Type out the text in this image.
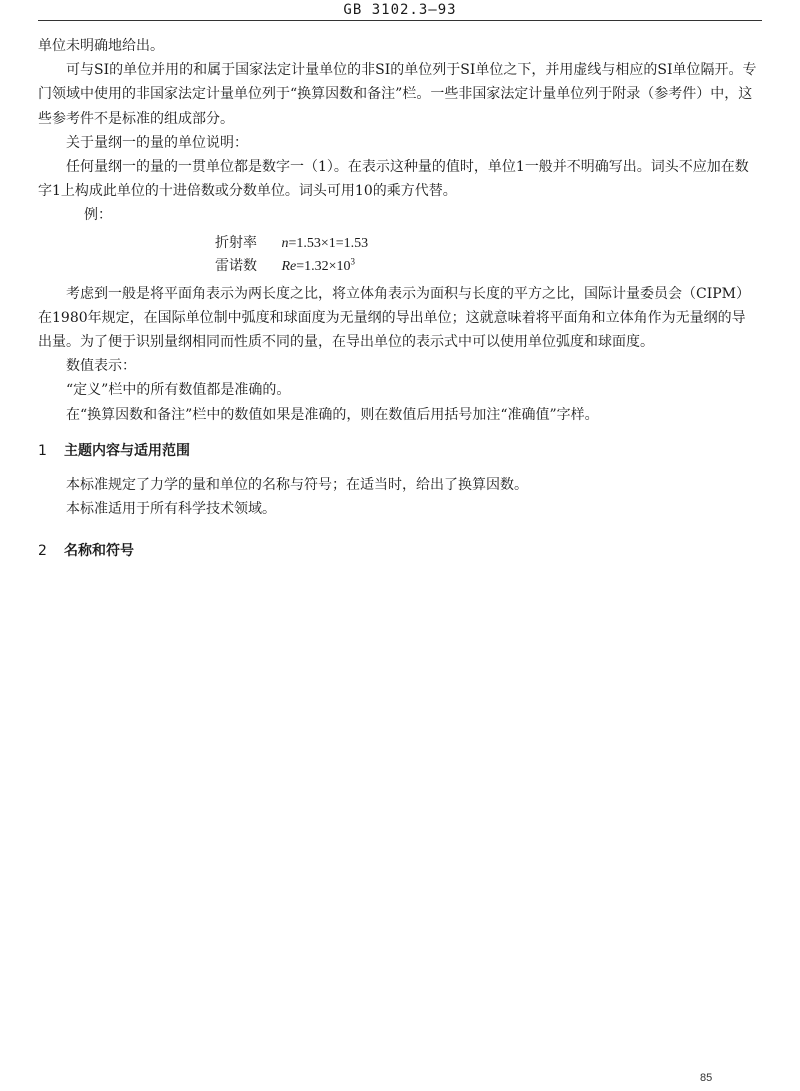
GB 3102.3—93

单位未明确地给出。

可与SI的单位并用的和属于国家法定计量单位的非SI的单位列于SI单位之下，并用虚线与相应的SI单位隔开。专门领域中使用的非国家法定计量单位列于“换算因数和备注”栏。一些非国家法定计量单位列于附录（参考件）中，这些参考件不是标准的组成部分。

关于量纲一的量的单位说明：

任何量纲一的量的一贯单位都是数字一（1）。在表示这种量的值时，单位1一般并不明确写出。词头不应加在数字1上构成此单位的十进倍数或分数单位。词头可用10的乘方代替。

例：

折射率 n=1.53×1=1.53
雷诺数 $Re=1.32\times 10^3$

考虑到一般是将平面角表示为两长度之比，将立体角表示为面积与长度的平方之比，国际计量委员会（CIPM）在1980年规定，在国际单位制中弧度和球面度为无量纲的导出单位；这就意味着将平面角和立体角作为无量纲的导出量。为了便于识别量纲相同而性质不同的量，在导出单位的表示式中可以使用单位弧度和球面度。

数值表示：

“定义”栏中的所有数值都是准确的。

在“换算因数和备注”栏中的数值如果是准确的，则在数值后用括号加注“准确值”字样。

1 主题内容与适用范围

本标准规定了力学的量和单位的名称与符号；在适当时，给出了换算因数。

本标准适用于所有科学技术领域。

2 名称和符号
85
